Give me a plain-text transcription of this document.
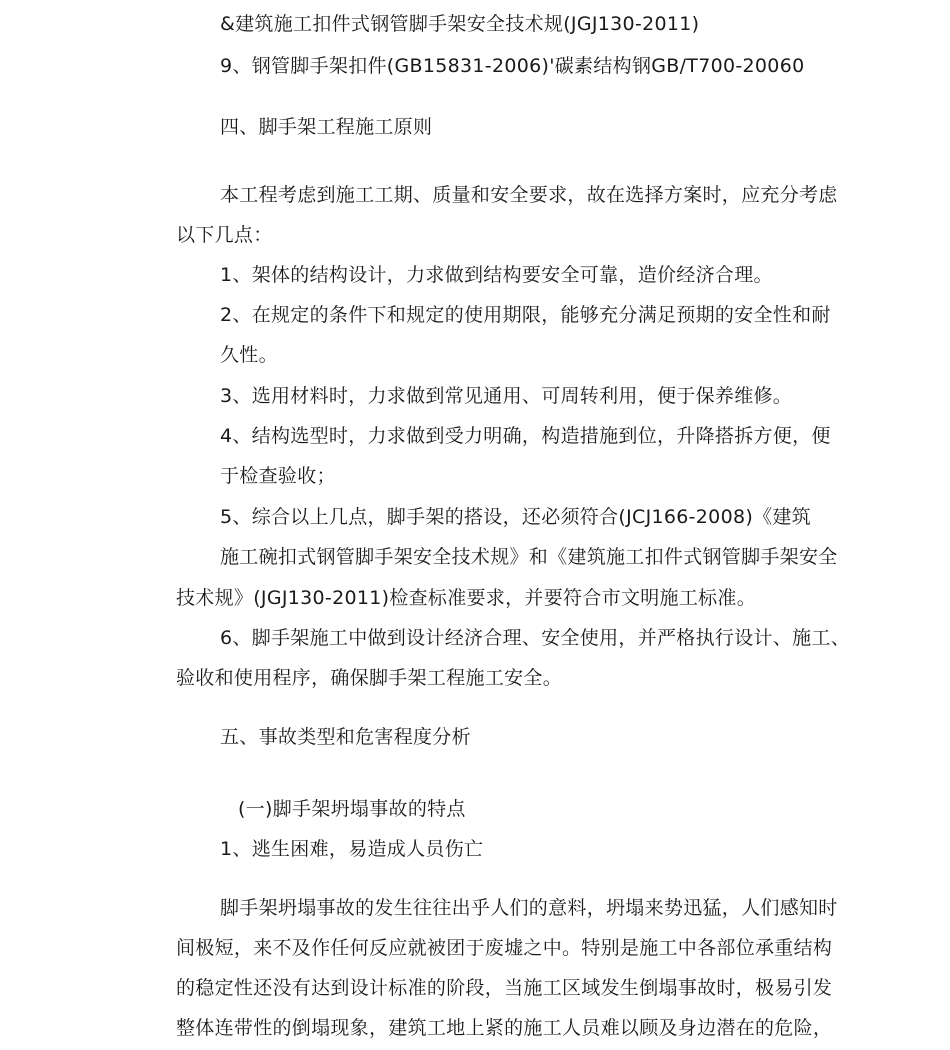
&建筑施工扣件式钢管脚手架安全技术规(JGJ130-2011)

9、钢管脚手架扣件(GB15831-2006)'碳素结构钢GB/T700-20060

四、脚手架工程施工原则

本工程考虑到施工工期、质量和安全要求，故在选择方案时，应充分考虑

以下几点：

1、架体的结构设计，力求做到结构要安全可靠，造价经济合理。

2、在规定的条件下和规定的使用期限，能够充分满足预期的安全性和耐

久性。

3、选用材料时，力求做到常见通用、可周转利用，便于保养维修。

4、结构选型时，力求做到受力明确，构造措施到位，升降搭拆方便，便

于检查验收；

5、综合以上几点，脚手架的搭设，还必须符合(JCJ166-2008)《建筑

施工碗扣式钢管脚手架安全技术规》和《建筑施工扣件式钢管脚手架安全

技术规》(JGJ130-2011)检查标准要求，并要符合市文明施工标准。

6、脚手架施工中做到设计经济合理、安全使用，并严格执行设计、施工、

验收和使用程序，确保脚手架工程施工安全。

五、事故类型和危害程度分析
(一)脚手架坍塌事故的特点

1、逃生困难，易造成人员伤亡

脚手架坍塌事故的发生往往出乎人们的意料，坍塌来势迅猛，人们感知时

间极短，来不及作任何反应就被团于废墟之中。特别是施工中各部位承重结构

的稳定性还没有达到设计标准的阶段，当施工区域发生倒塌事故时，极易引发

整体连带性的倒塌现象，建筑工地上紧的施工人员难以顾及身边潜在的危险，
